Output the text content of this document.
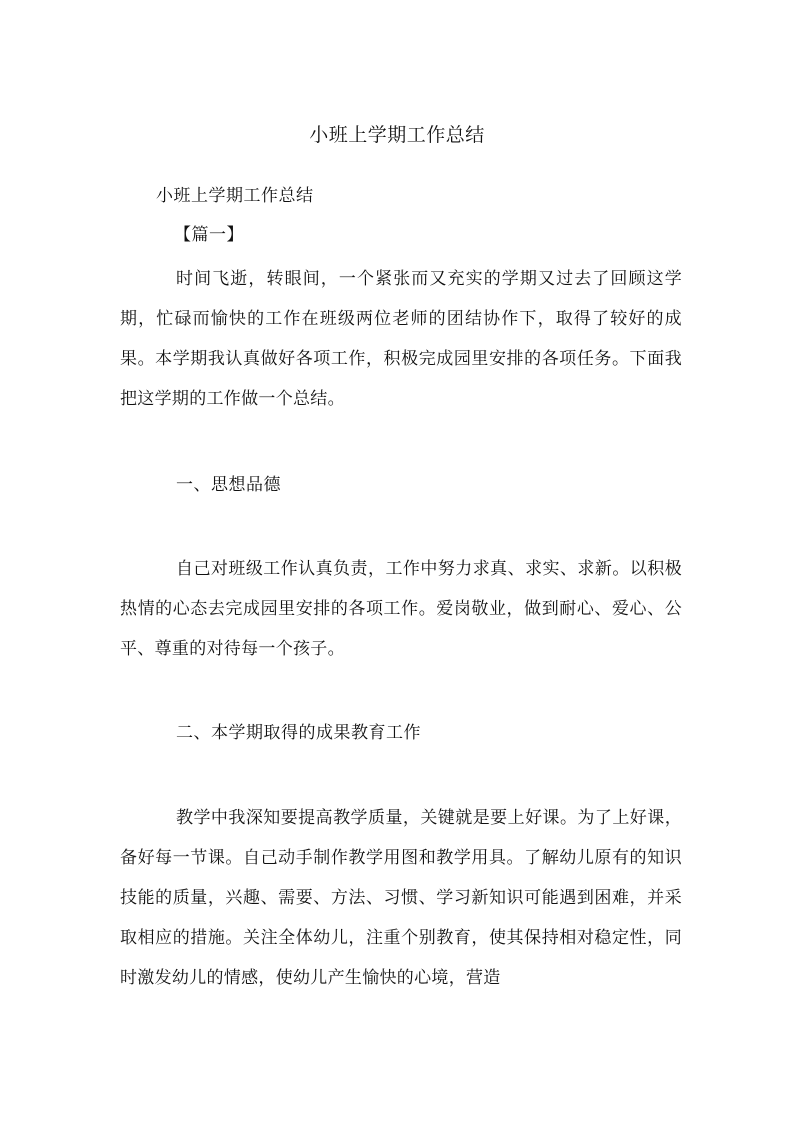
小班上学期工作总结

小班上学期工作总结

【篇一】

时间飞逝，转眼间，一个紧张而又充实的学期又过去了回顾这学期，忙碌而愉快的工作在班级两位老师的团结协作下，取得了较好的成果。本学期我认真做好各项工作，积极完成园里安排的各项任务。下面我把这学期的工作做一个总结。

一、思想品德

自己对班级工作认真负责，工作中努力求真、求实、求新。以积极热情的心态去完成园里安排的各项工作。爱岗敬业，做到耐心、爱心、公平、尊重的对待每一个孩子。

二、本学期取得的成果教育工作

教学中我深知要提高教学质量，关键就是要上好课。为了上好课，备好每一节课。自己动手制作教学用图和教学用具。了解幼儿原有的知识技能的质量，兴趣、需要、方法、习惯、学习新知识可能遇到困难，并采取相应的措施。关注全体幼儿，注重个别教育，使其保持相对稳定性，同时激发幼儿的情感，使幼儿产生愉快的心境，营造
